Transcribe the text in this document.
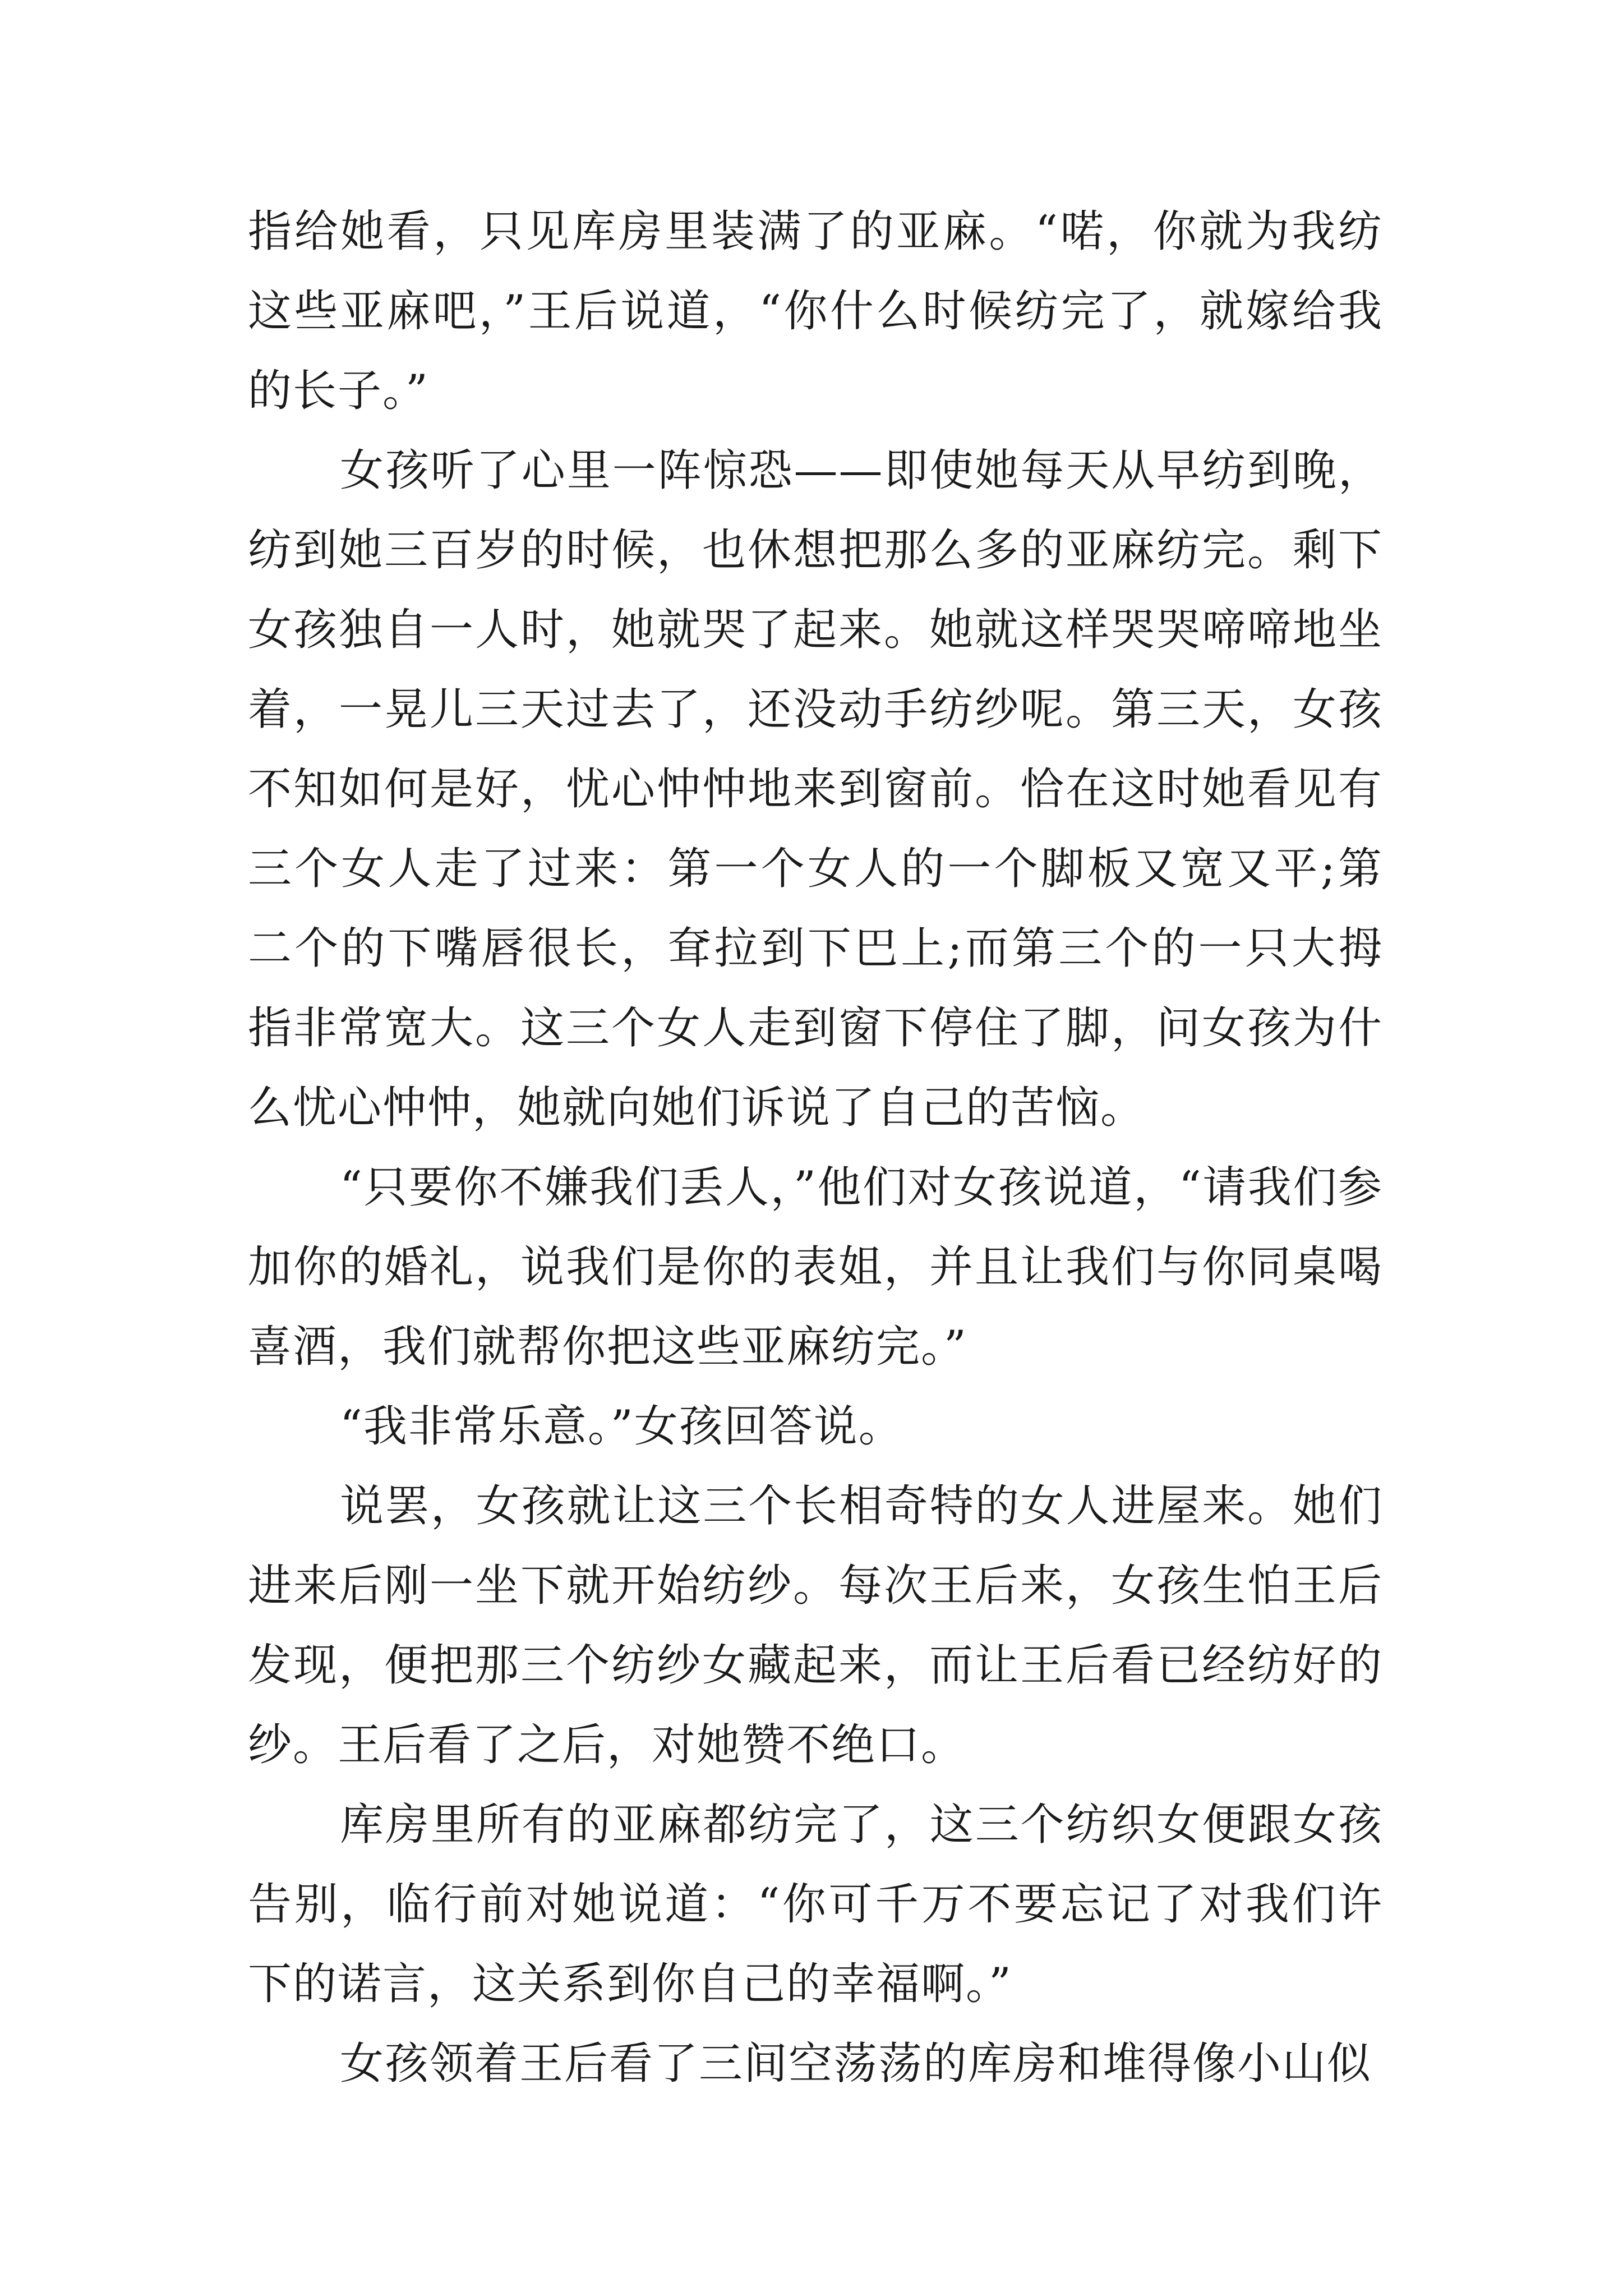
指给她看，只见库房里装满了的亚麻。“喏，你就为我纺这些亚麻吧，”王后说道，“你什么时候纺完了，就嫁给我的长子。”

女孩听了心里一阵惊恐——即使她每天从早纺到晚，纺到她三百岁的时候，也休想把那么多的亚麻纺完。剩下女孩独自一人时，她就哭了起来。她就这样哭哭啼啼地坐着，一晃儿三天过去了，还没动手纺纱呢。第三天，女孩不知如何是好，忧心忡忡地来到窗前。恰在这时她看见有三个女人走了过来：第一个女人的一个脚板又宽又平;第二个的下嘴唇很长，耷拉到下巴上;而第三个的一只大拇指非常宽大。这三个女人走到窗下停住了脚，问女孩为什么忧心忡忡，她就向她们诉说了自己的苦恼。

“只要你不嫌我们丢人，”他们对女孩说道，“请我们参加你的婚礼，说我们是你的表姐，并且让我们与你同桌喝喜酒，我们就帮你把这些亚麻纺完。”

“我非常乐意。”女孩回答说。

说罢，女孩就让这三个长相奇特的女人进屋来。她们进来后刚一坐下就开始纺纱。每次王后来，女孩生怕王后发现，便把那三个纺纱女藏起来，而让王后看已经纺好的纱。王后看了之后，对她赞不绝口。

库房里所有的亚麻都纺完了，这三个纺织女便跟女孩告别，临行前对她说道：“你可千万不要忘记了对我们许下的诺言，这关系到你自己的幸福啊。”

女孩领着王后看了三间空荡荡的库房和堆得像小山似
